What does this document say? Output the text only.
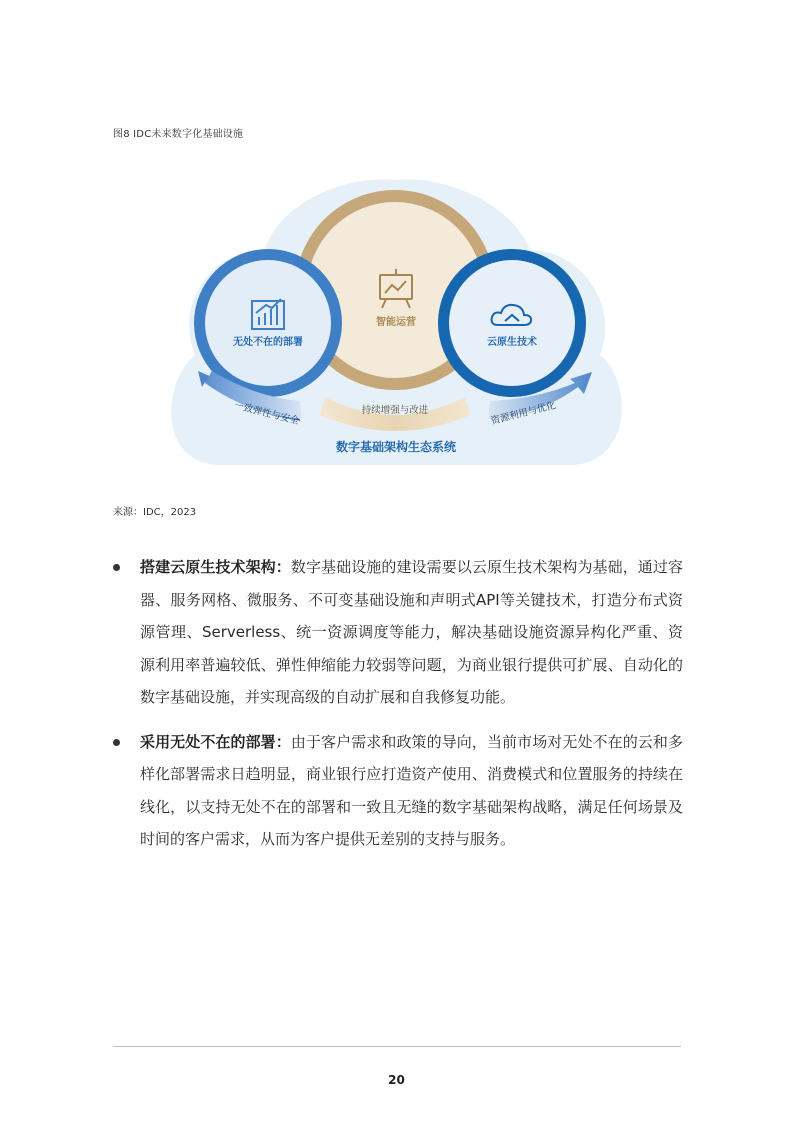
图8 IDC未来数字化基础设施
智能运营
无处不在的部署	云原生技术
一致弹性与安全	持续增强与改进	资源利用与优化
数字基础架构生态系统
来源：IDC，2023
搭建云原生技术架构：数字基础设施的建设需要以云原生技术架构为基础，通过容器、服务网格、微服务、不可变基础设施和声明式API等关键技术，打造分布式资源管理、Serverless、统一资源调度等能力，解决基础设施资源异构化严重、资源利用率普遍较低、弹性伸缩能力较弱等问题，为商业银行提供可扩展、自动化的数字基础设施，并实现高级的自动扩展和自我修复功能。
采用无处不在的部署：由于客户需求和政策的导向，当前市场对无处不在的云和多样化部署需求日趋明显，商业银行应打造资产使用、消费模式和位置服务的持续在线化，以支持无处不在的部署和一致且无缝的数字基础架构战略，满足任何场景及时间的客户需求，从而为客户提供无差别的支持与服务。
20
